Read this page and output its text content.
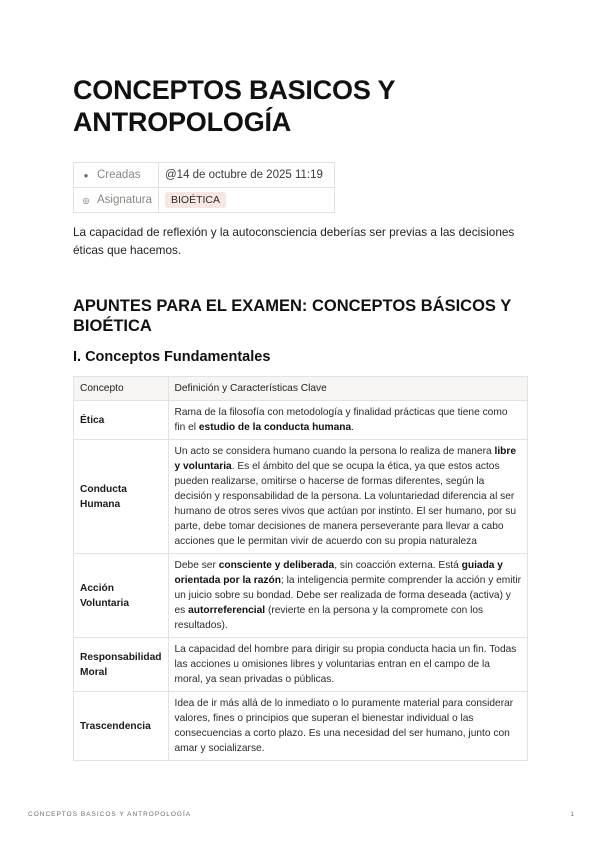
CONCEPTOS BASICOS Y ANTROPOLOGÍA
● Creadas	@14 de octubre de 2025 11:19
◎ Asignatura	BIOÉTICA

La capacidad de reflexión y la autoconsciencia deberías ser previas a las decisiones éticas que hacemos.

APUNTES PARA EL EXAMEN: CONCEPTOS BÁSICOS Y BIOÉTICA
I. Conceptos Fundamentales
Concepto	Definición y Características Clave
Ética	Rama de la filosofía con metodología y finalidad prácticas que tiene como fin el estudio de la conducta humana.
Conducta Humana	Un acto se considera humano cuando la persona lo realiza de manera libre y voluntaria. Es el ámbito del que se ocupa la ética, ya que estos actos pueden realizarse, omitirse o hacerse de formas diferentes, según la decisión y responsabilidad de la persona. La voluntariedad diferencia al ser humano de otros seres vivos que actúan por instinto. El ser humano, por su parte, debe tomar decisiones de manera perseverante para llevar a cabo acciones que le permitan vivir de acuerdo con su propia naturaleza
Acción Voluntaria	Debe ser consciente y deliberada, sin coacción externa. Está guiada y orientada por la razón; la inteligencia permite comprender la acción y emitir un juicio sobre su bondad. Debe ser realizada de forma deseada (activa) y es autorreferencial (revierte en la persona y la compromete con los resultados).
Responsabilidad Moral	La capacidad del hombre para dirigir su propia conducta hacia un fin. Todas las acciones u omisiones libres y voluntarias entran en el campo de la moral, ya sean privadas o públicas.
Trascendencia	Idea de ir más allá de lo inmediato o lo puramente material para considerar valores, fines o principios que superan el bienestar individual o las consecuencias a corto plazo. Es una necesidad del ser humano, junto con amar y socializarse.
CONCEPTOS BASICOS Y ANTROPOLOGÍA	1
